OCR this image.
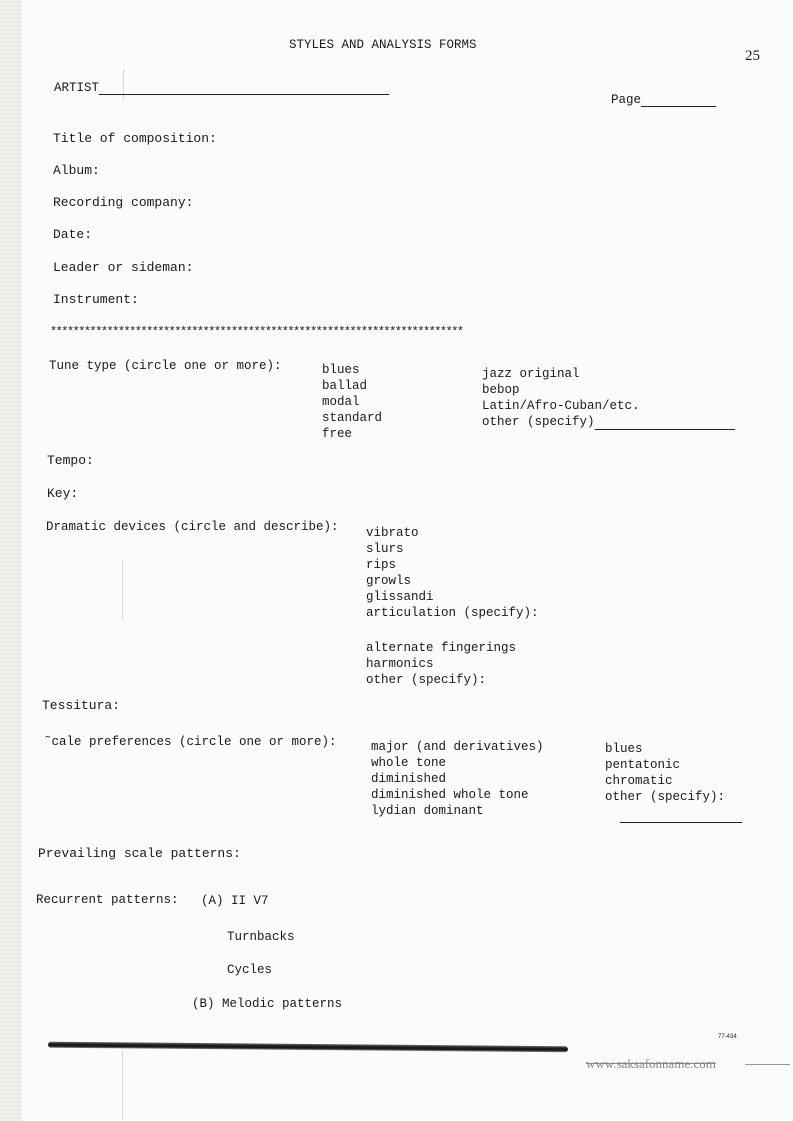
STYLES AND ANALYSIS FORMS
25
ARTIST
Page
Title of composition:
Album:
Recording company:
Date:
Leader or sideman:
Instrument:
*************************************************************************
Tune type (circle one or more):	blues
ballad
modal
standard
free
jazz original
bebop
Latin/Afro-Cuban/etc.
other (specify)
Tempo:
Key:
Dramatic devices (circle and describe): vibrato
slurs
rips
growls
glissandi
articulation (specify):
alternate fingerings
harmonics
other (specify):
Tessitura:
˜cale preferences (circle one or more):	major (and derivatives)
whole tone
diminished
diminished whole tone
lydian dominant
blues
pentatonic
chromatic
other (specify):
Prevailing scale patterns:
Recurrent patterns: (A) II V7
Turnbacks
Cycles
(B) Melodic patterns
77-434
www.saksafonname.com
